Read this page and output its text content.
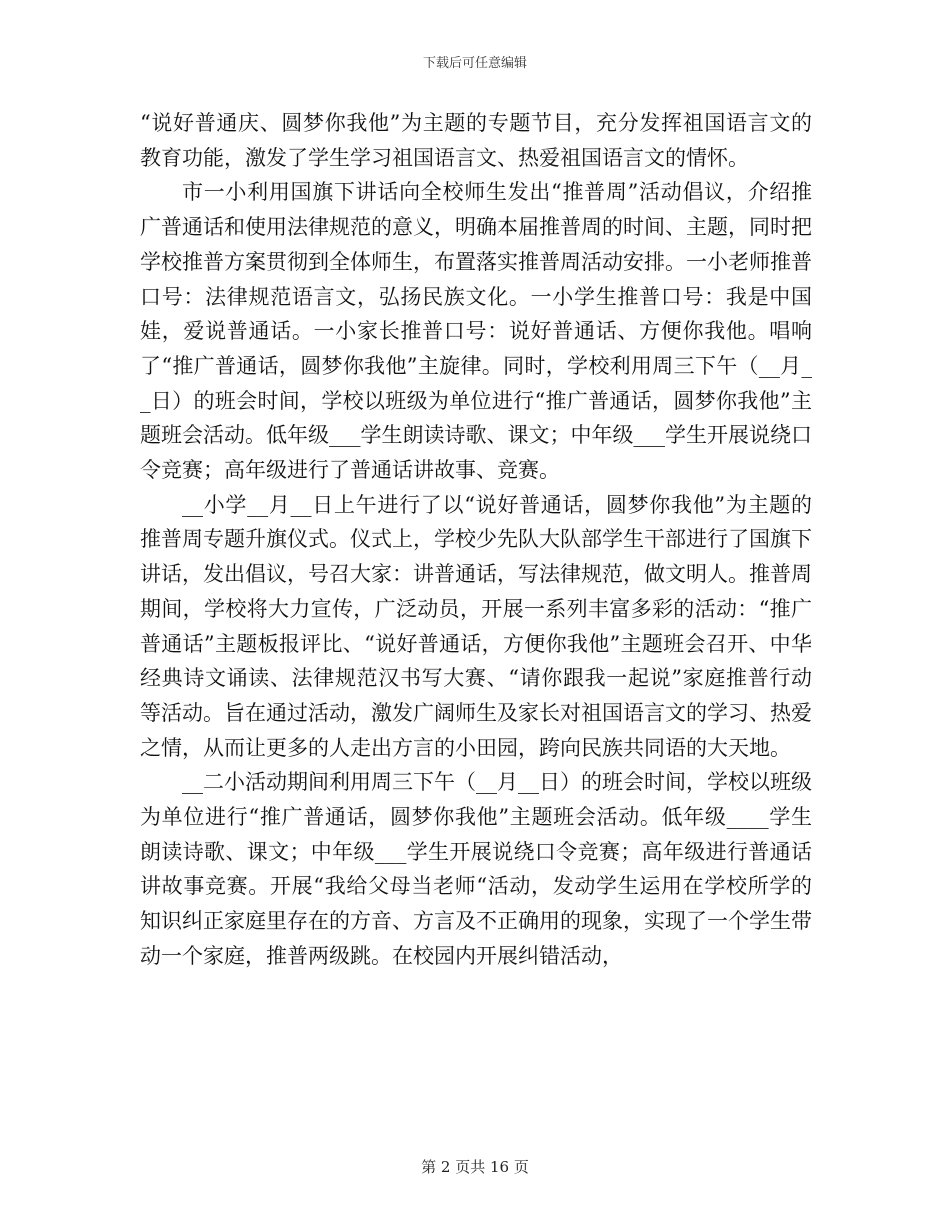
下载后可任意编辑

“说好普通庆、圆梦你我他”为主题的专题节目，充分发挥祖国语言文的教育功能，激发了学生学习祖国语言文、热爱祖国语言文的情怀。

市一小利用国旗下讲话向全校师生发出“推普周”活动倡议，介绍推广普通话和使用法律规范的意义，明确本届推普周的时间、主题，同时把学校推普方案贯彻到全体师生，布置落实推普周活动安排。一小老师推普口号：法律规范语言文，弘扬民族文化。一小学生推普口号：我是中国娃，爱说普通话。一小家长推普口号：说好普通话、方便你我他。唱响了“推广普通话，圆梦你我他”主旋律。同时，学校利用周三下午（__月__日）的班会时间，学校以班级为单位进行“推广普通话，圆梦你我他”主题班会活动。低年级___学生朗读诗歌、课文；中年级___学生开展说绕口令竞赛；高年级进行了普通话讲故事、竞赛。

__小学__月__日上午进行了以“说好普通话，圆梦你我他”为主题的推普周专题升旗仪式。仪式上，学校少先队大队部学生干部进行了国旗下讲话，发出倡议，号召大家：讲普通话，写法律规范，做文明人。推普周期间，学校将大力宣传，广泛动员，开展一系列丰富多彩的活动：“推广普通话”主题板报评比、“说好普通话，方便你我他”主题班会召开、中华经典诗文诵读、法律规范汉书写大赛、“请你跟我一起说”家庭推普行动等活动。旨在通过活动，激发广阔师生及家长对祖国语言文的学习、热爱之情，从而让更多的人走出方言的小田园，跨向民族共同语的大天地。

__二小活动期间利用周三下午（__月__日）的班会时间，学校以班级为单位进行“推广普通话，圆梦你我他”主题班会活动。低年级____学生朗读诗歌、课文；中年级___学生开展说绕口令竞赛；高年级进行普通话讲故事竞赛。开展“我给父母当老师“活动，发动学生运用在学校所学的知识纠正家庭里存在的方音、方言及不正确用的现象，实现了一个学生带动一个家庭，推普两级跳。在校园内开展纠错活动，

第 2 页共 16 页
